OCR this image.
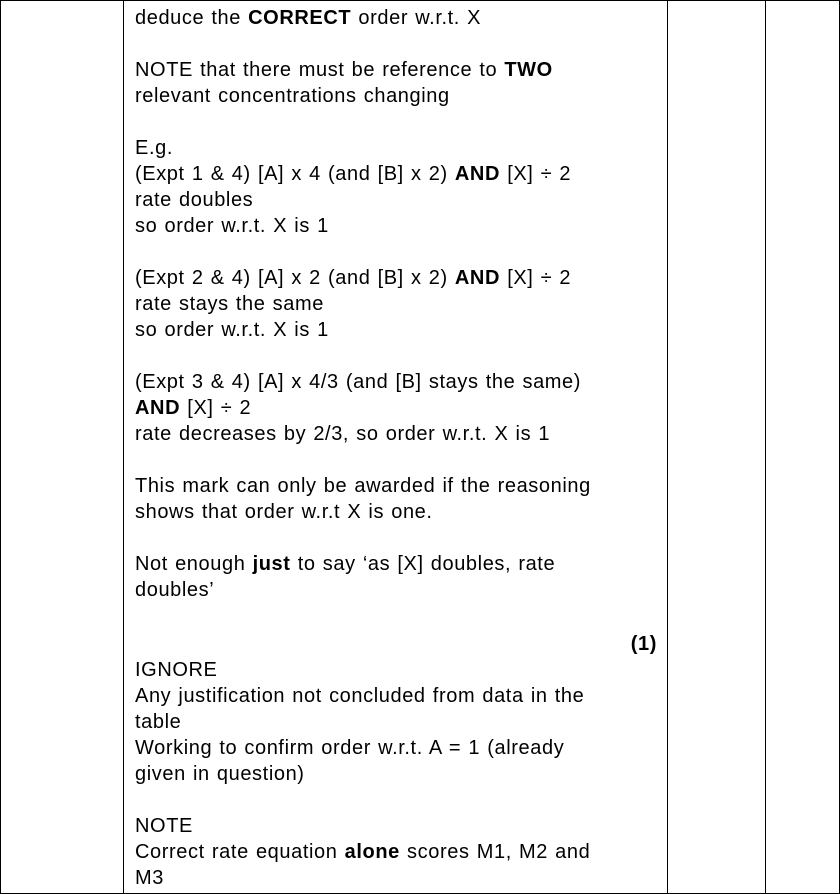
deduce the CORRECT order w.r.t. X

NOTE that there must be reference to TWO

relevant concentrations changing

E.g.

(Expt 1 & 4) [A] x 4 (and [B] x 2) AND [X] ÷ 2

rate doubles

so order w.r.t. X is 1

(Expt 2 & 4) [A] x 2 (and [B] x 2) AND [X] ÷ 2

rate stays the same

so order w.r.t. X is 1

(Expt 3 & 4) [A] x 4/3 (and [B] stays the same)

AND [X] ÷ 2

rate decreases by 2/3, so order w.r.t. X is 1

This mark can only be awarded if the reasoning

shows that order w.r.t X is one.

Not enough just to say ‘as [X] doubles, rate

doubles’

(1)

IGNORE

Any justification not concluded from data in the

table

Working to confirm order w.r.t. A = 1 (already

given in question)

NOTE

Correct rate equation alone scores M1, M2 and

M3
